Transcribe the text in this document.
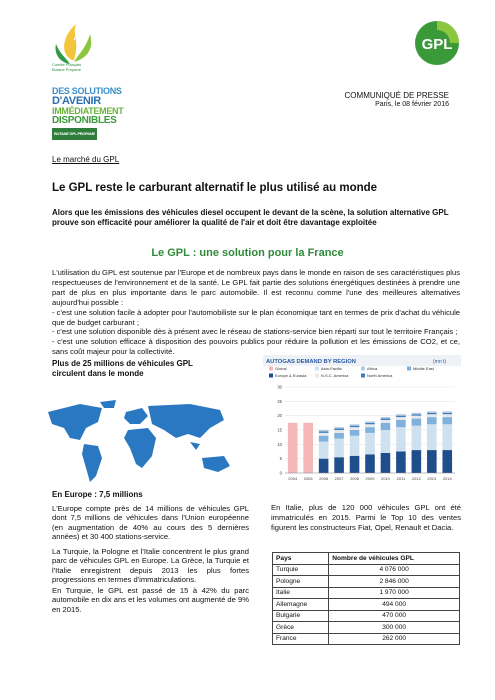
Comité Français
Butane Propane
DES SOLUTIONS
D'AVENIR
IMMÉDIATEMENT
DISPONIBLES
BUTANE GPL PROPANE
GPL
COMMUNIQUÉ DE PRESSE
Paris, le 08 février 2016
Le marché du GPL
Le GPL reste le carburant alternatif le plus utilisé au monde
Alors que les émissions des véhicules diesel occupent le devant de la scène, la solution alternative GPL prouve son efficacité pour améliorer la qualité de l'air et doit être davantage exploitée
Le GPL : une solution pour la France

L'utilisation du GPL est soutenue par l'Europe et de nombreux pays dans le monde en raison de ses caractéristiques plus respectueuses de l'environnement et de la santé. Le GPL fait partie des solutions énergétiques destinées à prendre une part de plus en plus importante dans le parc automobile. Il est reconnu comme l'une des meilleures alternatives aujourd'hui possible :

- c'est une solution facile à adopter pour l'automobiliste sur le plan économique tant en termes de prix d'achat du véhicule que de budget carburant ;

- c'est une solution disponible dès à présent avec le réseau de stations-service bien réparti sur tout le territoire Français ;

- c'est une solution efficace à disposition des pouvoirs publics pour réduire la pollution et les émissions de CO2, et ce, sans coût majeur pour la collectivité.

Plus de 25 millions de véhicules GPL circulent dans le monde
AUTOGAS DEMAND BY REGION	(mn t)
Global	Asia-Pacific	Africa	Middle East
Europe & Eurasia	N.S.C. America	North America
0
5
10
15
20
25
30
2004 2005 2006 2007 2008 2009 2010 2011 2012 2013 2014
En Europe : 7,5 millions

L'Europe compte près de 14 millions de véhicules GPL dont 7,5 millions de véhicules dans l'Union européenne (en augmentation de 40% au cours des 5 dernières années) et 30 400 stations-service.

La Turquie, la Pologne et l'Italie concentrent le plus grand parc de véhicules GPL en Europe. La Grèce, la Turquie et l'Italie enregistrent depuis 2013 les plus fortes progressions en termes d'immatriculations.

En Turquie, le GPL est passé de 15 à 42% du parc automobile en dix ans et les volumes ont augmenté de 9% en 2015.

En Italie, plus de 120 000 véhicules GPL ont été immatriculés en 2015. Parmi le Top 10 des ventes figurent les constructeurs Fiat, Opel, Renault et Dacia.
Pays	Nombre de véhicules GPL
Turquie	4 076 000
Pologne	2 846 000
Italie	1 970 000
Allemagne	494 000
Bulgarie	470 000
Grèce	300 000
France	262 000
